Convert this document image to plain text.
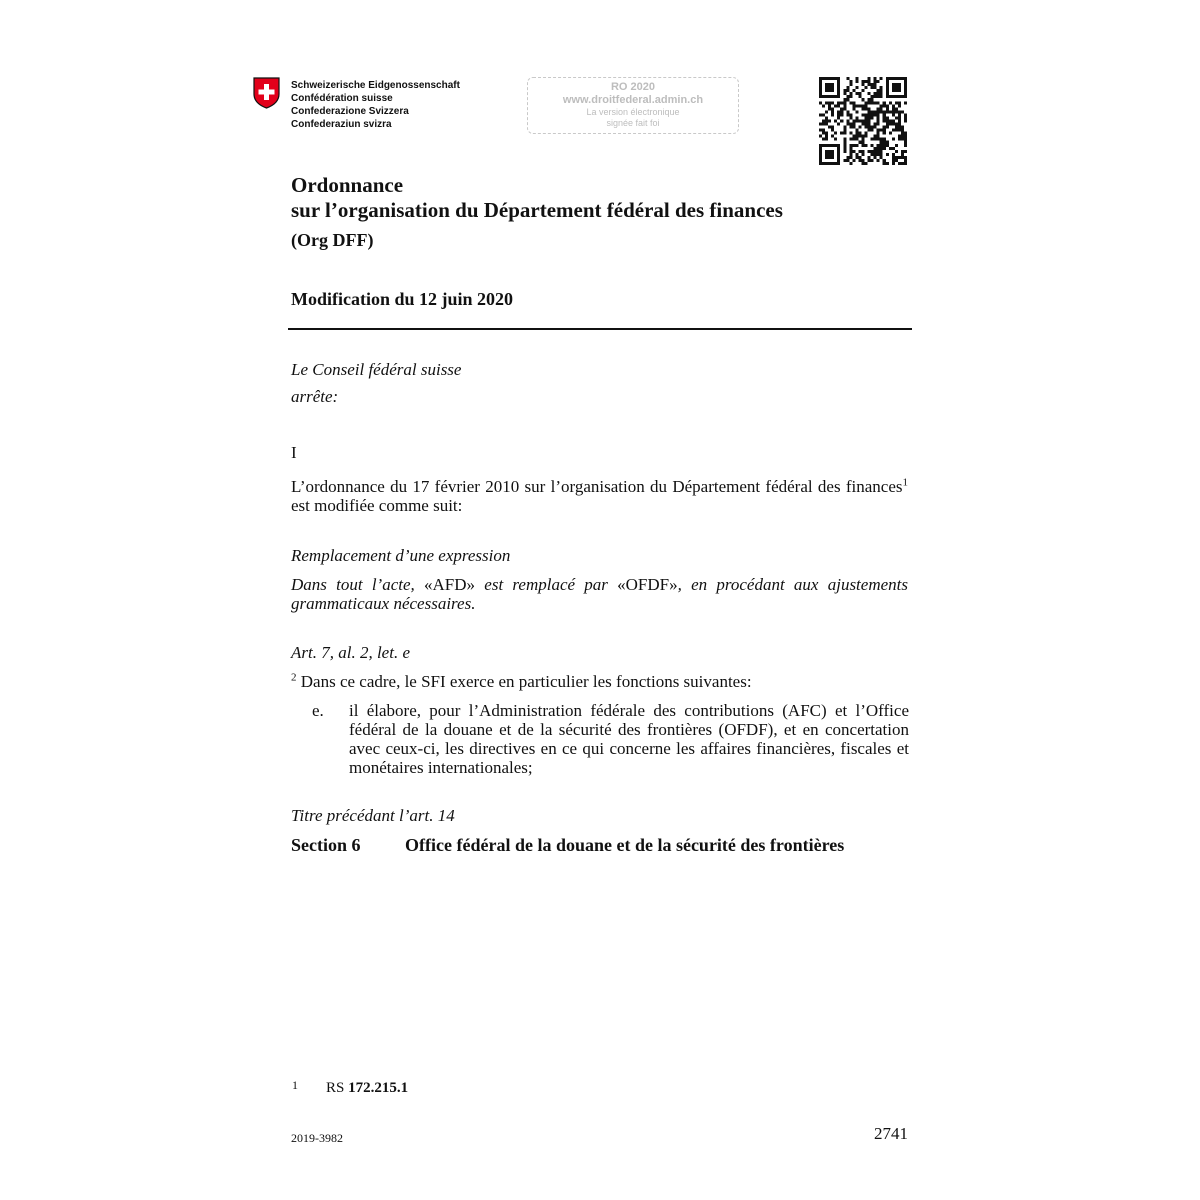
Schweizerische Eidgenossenschaft
Confédération suisse
Confederazione Svizzera
Confederaziun svizra
RO 2020
www.droitfederal.admin.ch
La version électronique
signée fait foi
Ordonnance
sur l’organisation du Département fédéral des finances
(Org DFF)
Modification du 12 juin 2020
Le Conseil fédéral suisse
arrête:
I
L’ordonnance du 17 février 2010 sur l’organisation du Département fédéral des finances$^1$ est modifiée comme suit:
Remplacement d’une expression
Dans tout l’acte, «AFD» est remplacé par «OFDF», en procédant aux ajustements grammaticaux nécessaires.
Art. 7, al. 2, let. e
$^2$ Dans ce cadre, le SFI exerce en particulier les fonctions suivantes:
e. il élabore, pour l’Administration fédérale des contributions (AFC) et l’Office fédéral de la douane et de la sécurité des frontières (OFDF), et en concertation avec ceux-ci, les directives en ce qui concerne les affaires financières, fiscales et monétaires internationales;
Titre précédant l’art. 14
Section 6 Office fédéral de la douane et de la sécurité des frontières
1 RS 172.215.1
2019-3982	2741
